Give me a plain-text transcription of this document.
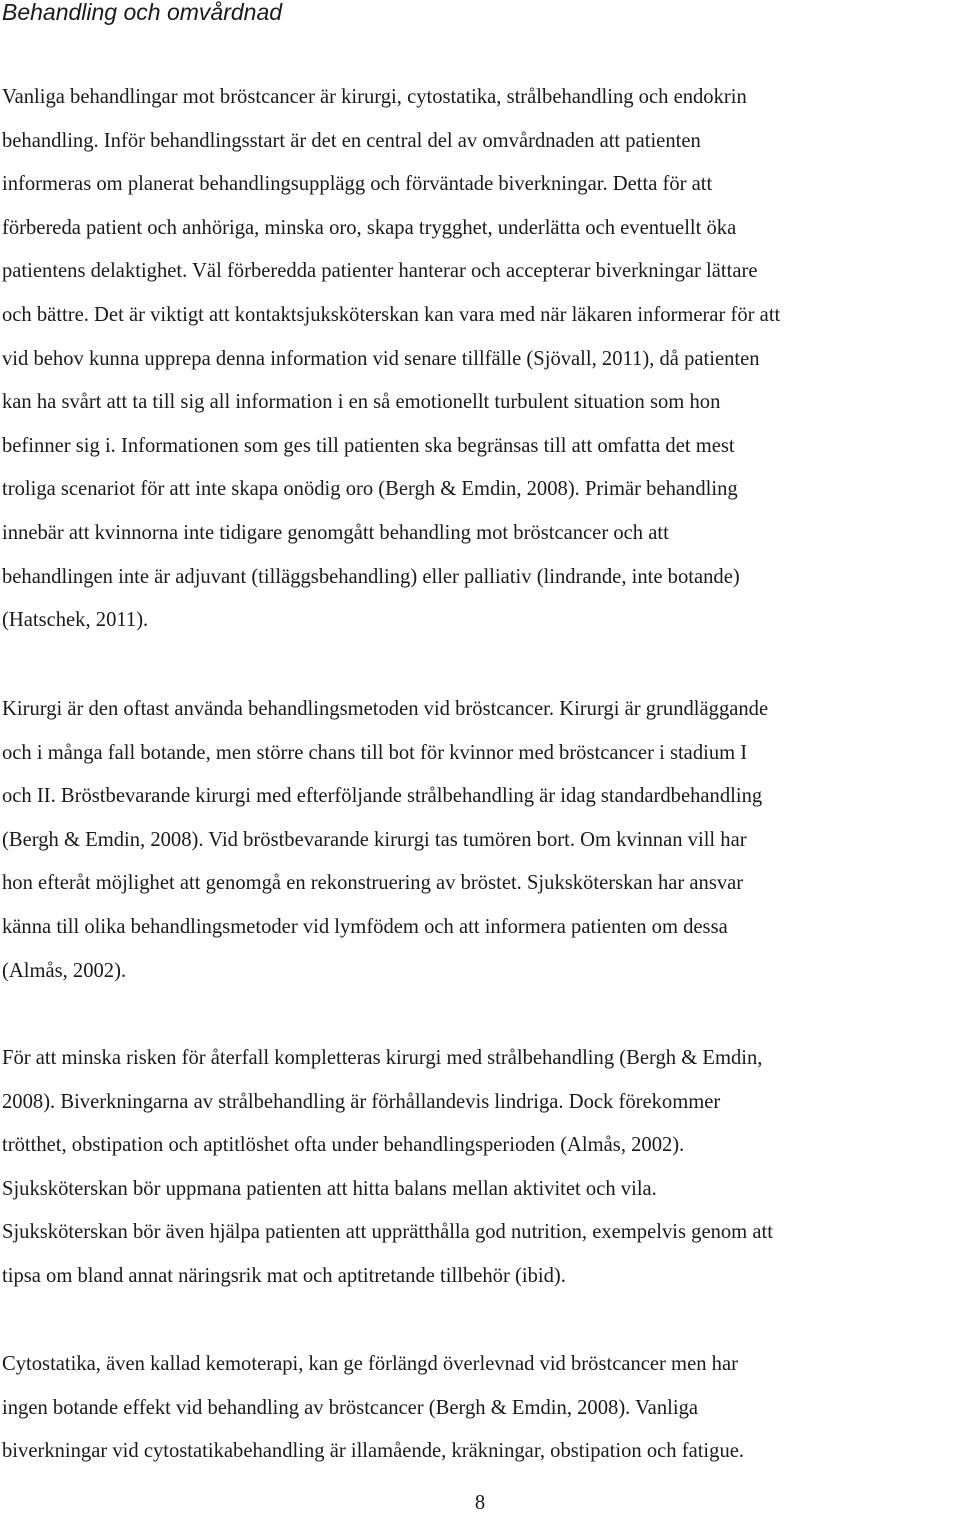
Behandling och omvårdnad

Vanliga behandlingar mot bröstcancer är kirurgi, cytostatika, strålbehandling och endokrin
behandling. Inför behandlingsstart är det en central del av omvårdnaden att patienten
informeras om planerat behandlingsupplägg och förväntade biverkningar. Detta för att
förbereda patient och anhöriga, minska oro, skapa trygghet, underlätta och eventuellt öka
patientens delaktighet. Väl förberedda patienter hanterar och accepterar biverkningar lättare
och bättre. Det är viktigt att kontaktsjuksköterskan kan vara med när läkaren informerar för att
vid behov kunna upprepa denna information vid senare tillfälle (Sjövall, 2011), då patienten
kan ha svårt att ta till sig all information i en så emotionellt turbulent situation som hon
befinner sig i. Informationen som ges till patienten ska begränsas till att omfatta det mest
troliga scenariot för att inte skapa onödig oro (Bergh & Emdin, 2008). Primär behandling
innebär att kvinnorna inte tidigare genomgått behandling mot bröstcancer och att
behandlingen inte är adjuvant (tilläggsbehandling) eller palliativ (lindrande, inte botande)
(Hatschek, 2011).

Kirurgi är den oftast använda behandlingsmetoden vid bröstcancer. Kirurgi är grundläggande
och i många fall botande, men större chans till bot för kvinnor med bröstcancer i stadium I
och II. Bröstbevarande kirurgi med efterföljande strålbehandling är idag standardbehandling
(Bergh & Emdin, 2008). Vid bröstbevarande kirurgi tas tumören bort. Om kvinnan vill har
hon efteråt möjlighet att genomgå en rekonstruering av bröstet. Sjuksköterskan har ansvar
känna till olika behandlingsmetoder vid lymfödem och att informera patienten om dessa
(Almås, 2002).

För att minska risken för återfall kompletteras kirurgi med strålbehandling (Bergh & Emdin,
2008). Biverkningarna av strålbehandling är förhållandevis lindriga. Dock förekommer
trötthet, obstipation och aptitlöshet ofta under behandlingsperioden (Almås, 2002).
Sjuksköterskan bör uppmana patienten att hitta balans mellan aktivitet och vila.
Sjuksköterskan bör även hjälpa patienten att upprätthålla god nutrition, exempelvis genom att
tipsa om bland annat näringsrik mat och aptitretande tillbehör (ibid).

Cytostatika, även kallad kemoterapi, kan ge förlängd överlevnad vid bröstcancer men har
ingen botande effekt vid behandling av bröstcancer (Bergh & Emdin, 2008). Vanliga
biverkningar vid cytostatikabehandling är illamående, kräkningar, obstipation och fatigue.

8
